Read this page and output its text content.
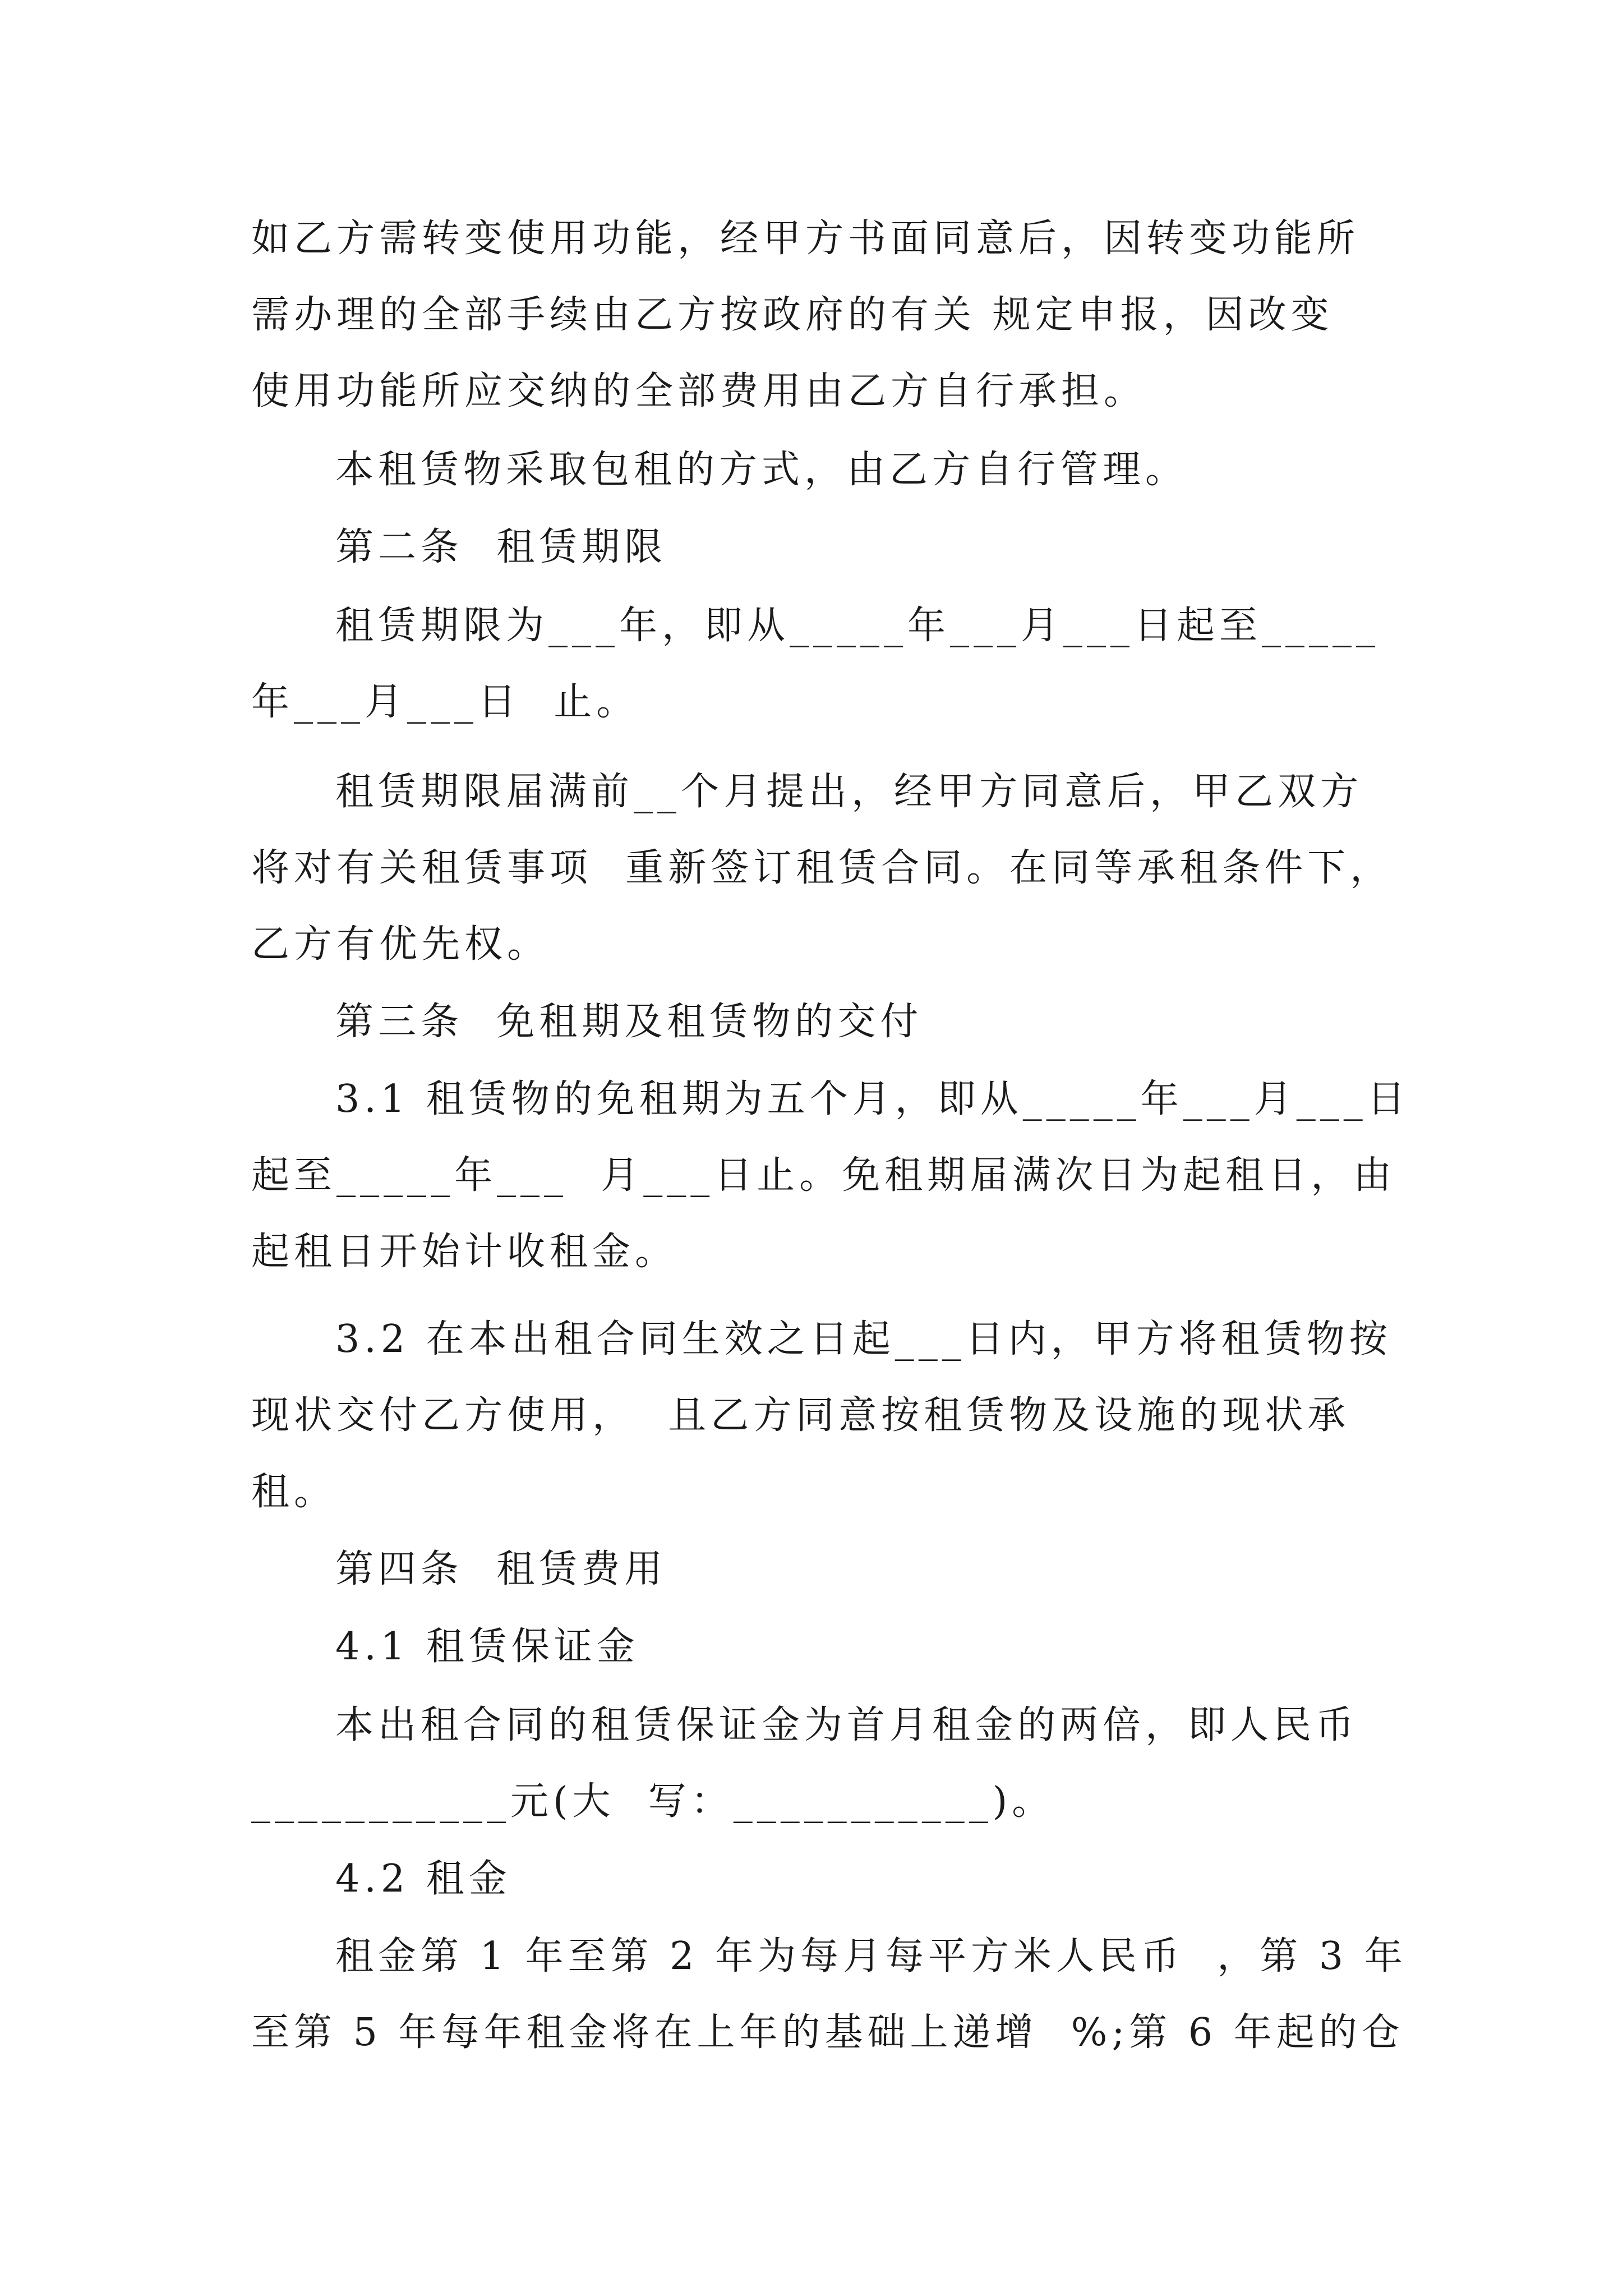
如乙方需转变使用功能，经甲方书面同意后，因转变功能所
需办理的全部手续由乙方按政府的有关 规定申报，因改变
使用功能所应交纳的全部费用由乙方自行承担。
本租赁物采取包租的方式，由乙方自行管理。
第二条  租赁期限
租赁期限为___年，即从_____年___月___日起至_____
年___月___日  止。
租赁期限届满前__个月提出，经甲方同意后，甲乙双方
将对有关租赁事项  重新签订租赁合同。在同等承租条件下，
乙方有优先权。
第三条  免租期及租赁物的交付
3.1 租赁物的免租期为五个月，即从_____年___月___日
起至_____年___  月___日止。免租期届满次日为起租日，由
起租日开始计收租金。
3.2 在本出租合同生效之日起___日内，甲方将租赁物按
现状交付乙方使用，  且乙方同意按租赁物及设施的现状承
租。
第四条  租赁费用
4.1 租赁保证金
本出租合同的租赁保证金为首月租金的两倍，即人民币
___________元(大  写：___________)。
4.2 租金
租金第 1 年至第 2 年为每月每平方米人民币  ，第 3 年
至第 5 年每年租金将在上年的基础上递增  %;第 6 年起的仓
